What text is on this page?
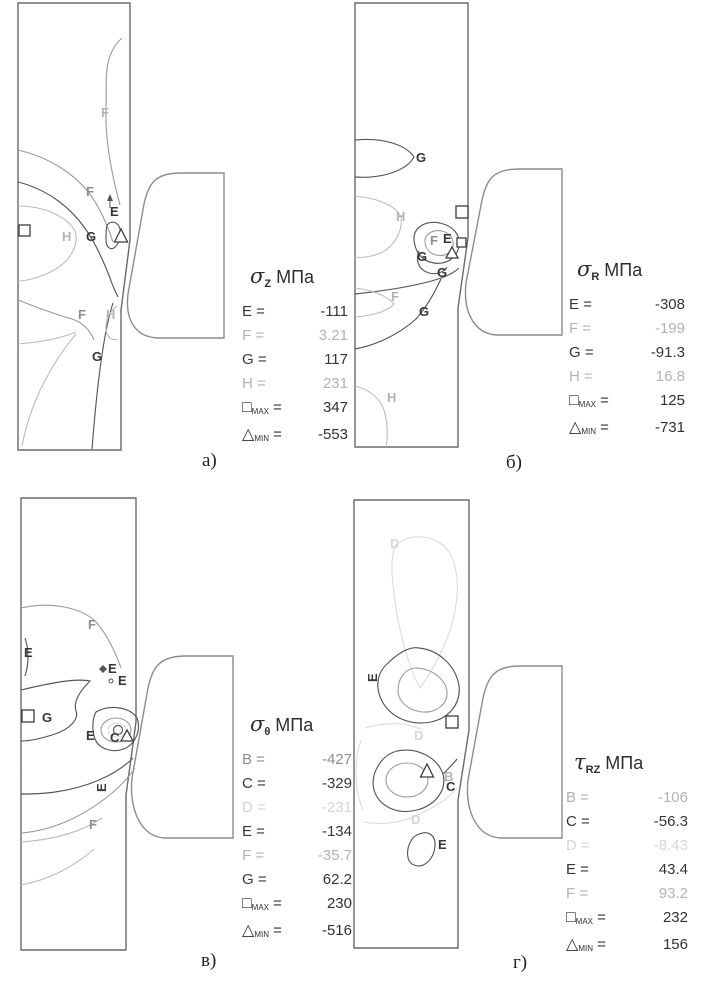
F
F
E
G
H
F H
G
G
H
F E
G
G
F
G
H
F
E
E
E
G
E C
E
F
D
E
D
B
C
D
E
$\sigma_Z$ МПа
E =	-111
F =	3.21
G =	117
H =	231
□MAX =	347
△MIN = -553
$\sigma_R$ МПа
E =	-308
F =	-199
G =	-91.3
H =	16.8
□MAX =	125
△MIN =	-731
$\sigma_\theta$ МПа
B =	-427
C =	-329
D =	-231
E =	-134
F =	-35.7
G =	62.2
□MAX =	230
△MIN =	-516
$\tau_{RZ}$ МПа
B =	-106
C =	-56.3
D =	-8.43
E =	43.4
F =	93.2
□MAX =	232
△MIN =	156
а)	б)
в)	г)
